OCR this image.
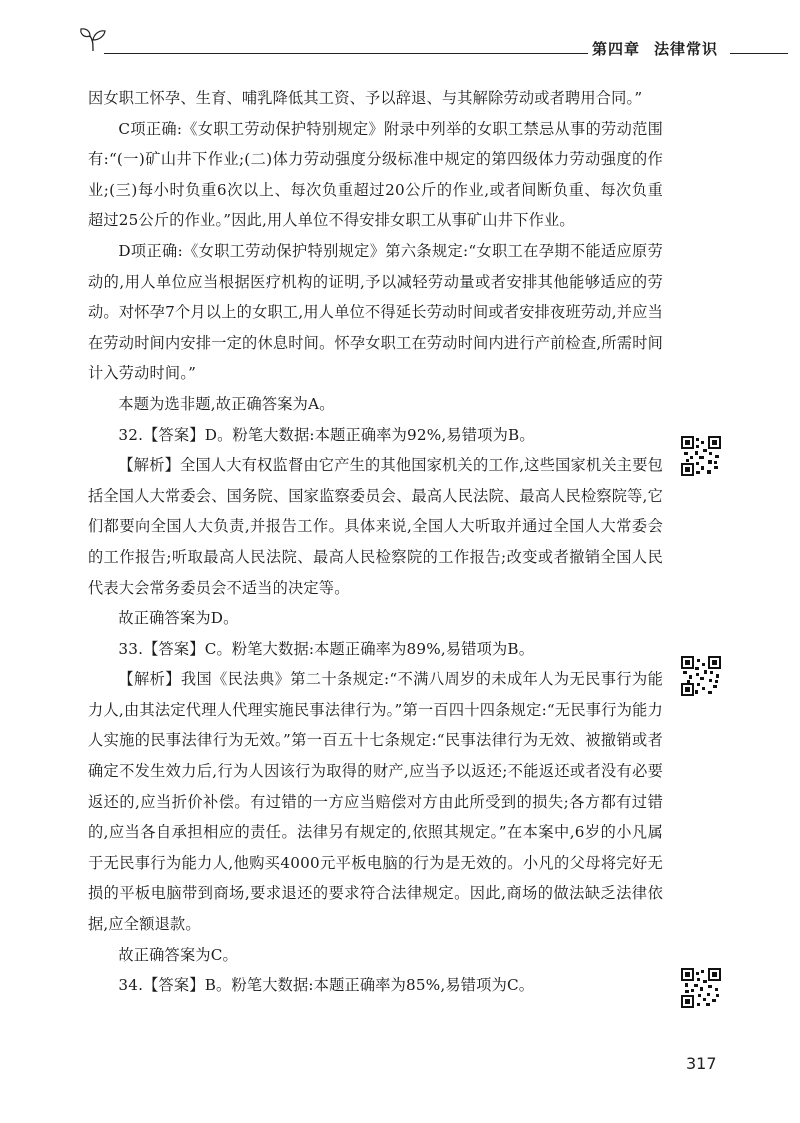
第四章 法律常识

因女职工怀孕、生育、哺乳降低其工资、予以辞退、与其解除劳动或者聘用合同。”

C项正确:《女职工劳动保护特别规定》附录中列举的女职工禁忌从事的劳动范围有:“(一)矿山井下作业;(二)体力劳动强度分级标准中规定的第四级体力劳动强度的作业;(三)每小时负重6次以上、每次负重超过20公斤的作业,或者间断负重、每次负重超过25公斤的作业。”因此,用人单位不得安排女职工从事矿山井下作业。

D项正确:《女职工劳动保护特别规定》第六条规定:“女职工在孕期不能适应原劳动的,用人单位应当根据医疗机构的证明,予以减轻劳动量或者安排其他能够适应的劳动。对怀孕7个月以上的女职工,用人单位不得延长劳动时间或者安排夜班劳动,并应当在劳动时间内安排一定的休息时间。怀孕女职工在劳动时间内进行产前检查,所需时间计入劳动时间。”

本题为选非题,故正确答案为A。

32.【答案】D。粉笔大数据:本题正确率为92%,易错项为B。

【解析】全国人大有权监督由它产生的其他国家机关的工作,这些国家机关主要包括全国人大常委会、国务院、国家监察委员会、最高人民法院、最高人民检察院等,它们都要向全国人大负责,并报告工作。具体来说,全国人大听取并通过全国人大常委会的工作报告;听取最高人民法院、最高人民检察院的工作报告;改变或者撤销全国人民代表大会常务委员会不适当的决定等。

故正确答案为D。

33.【答案】C。粉笔大数据:本题正确率为89%,易错项为B。

【解析】我国《民法典》第二十条规定:“不满八周岁的未成年人为无民事行为能力人,由其法定代理人代理实施民事法律行为。”第一百四十四条规定:“无民事行为能力人实施的民事法律行为无效。”第一百五十七条规定:“民事法律行为无效、被撤销或者确定不发生效力后,行为人因该行为取得的财产,应当予以返还;不能返还或者没有必要返还的,应当折价补偿。有过错的一方应当赔偿对方由此所受到的损失;各方都有过错的,应当各自承担相应的责任。法律另有规定的,依照其规定。”在本案中,6岁的小凡属于无民事行为能力人,他购买4000元平板电脑的行为是无效的。小凡的父母将完好无损的平板电脑带到商场,要求退还的要求符合法律规定。因此,商场的做法缺乏法律依据,应全额退款。

故正确答案为C。

34.【答案】B。粉笔大数据:本题正确率为85%,易错项为C。

317
